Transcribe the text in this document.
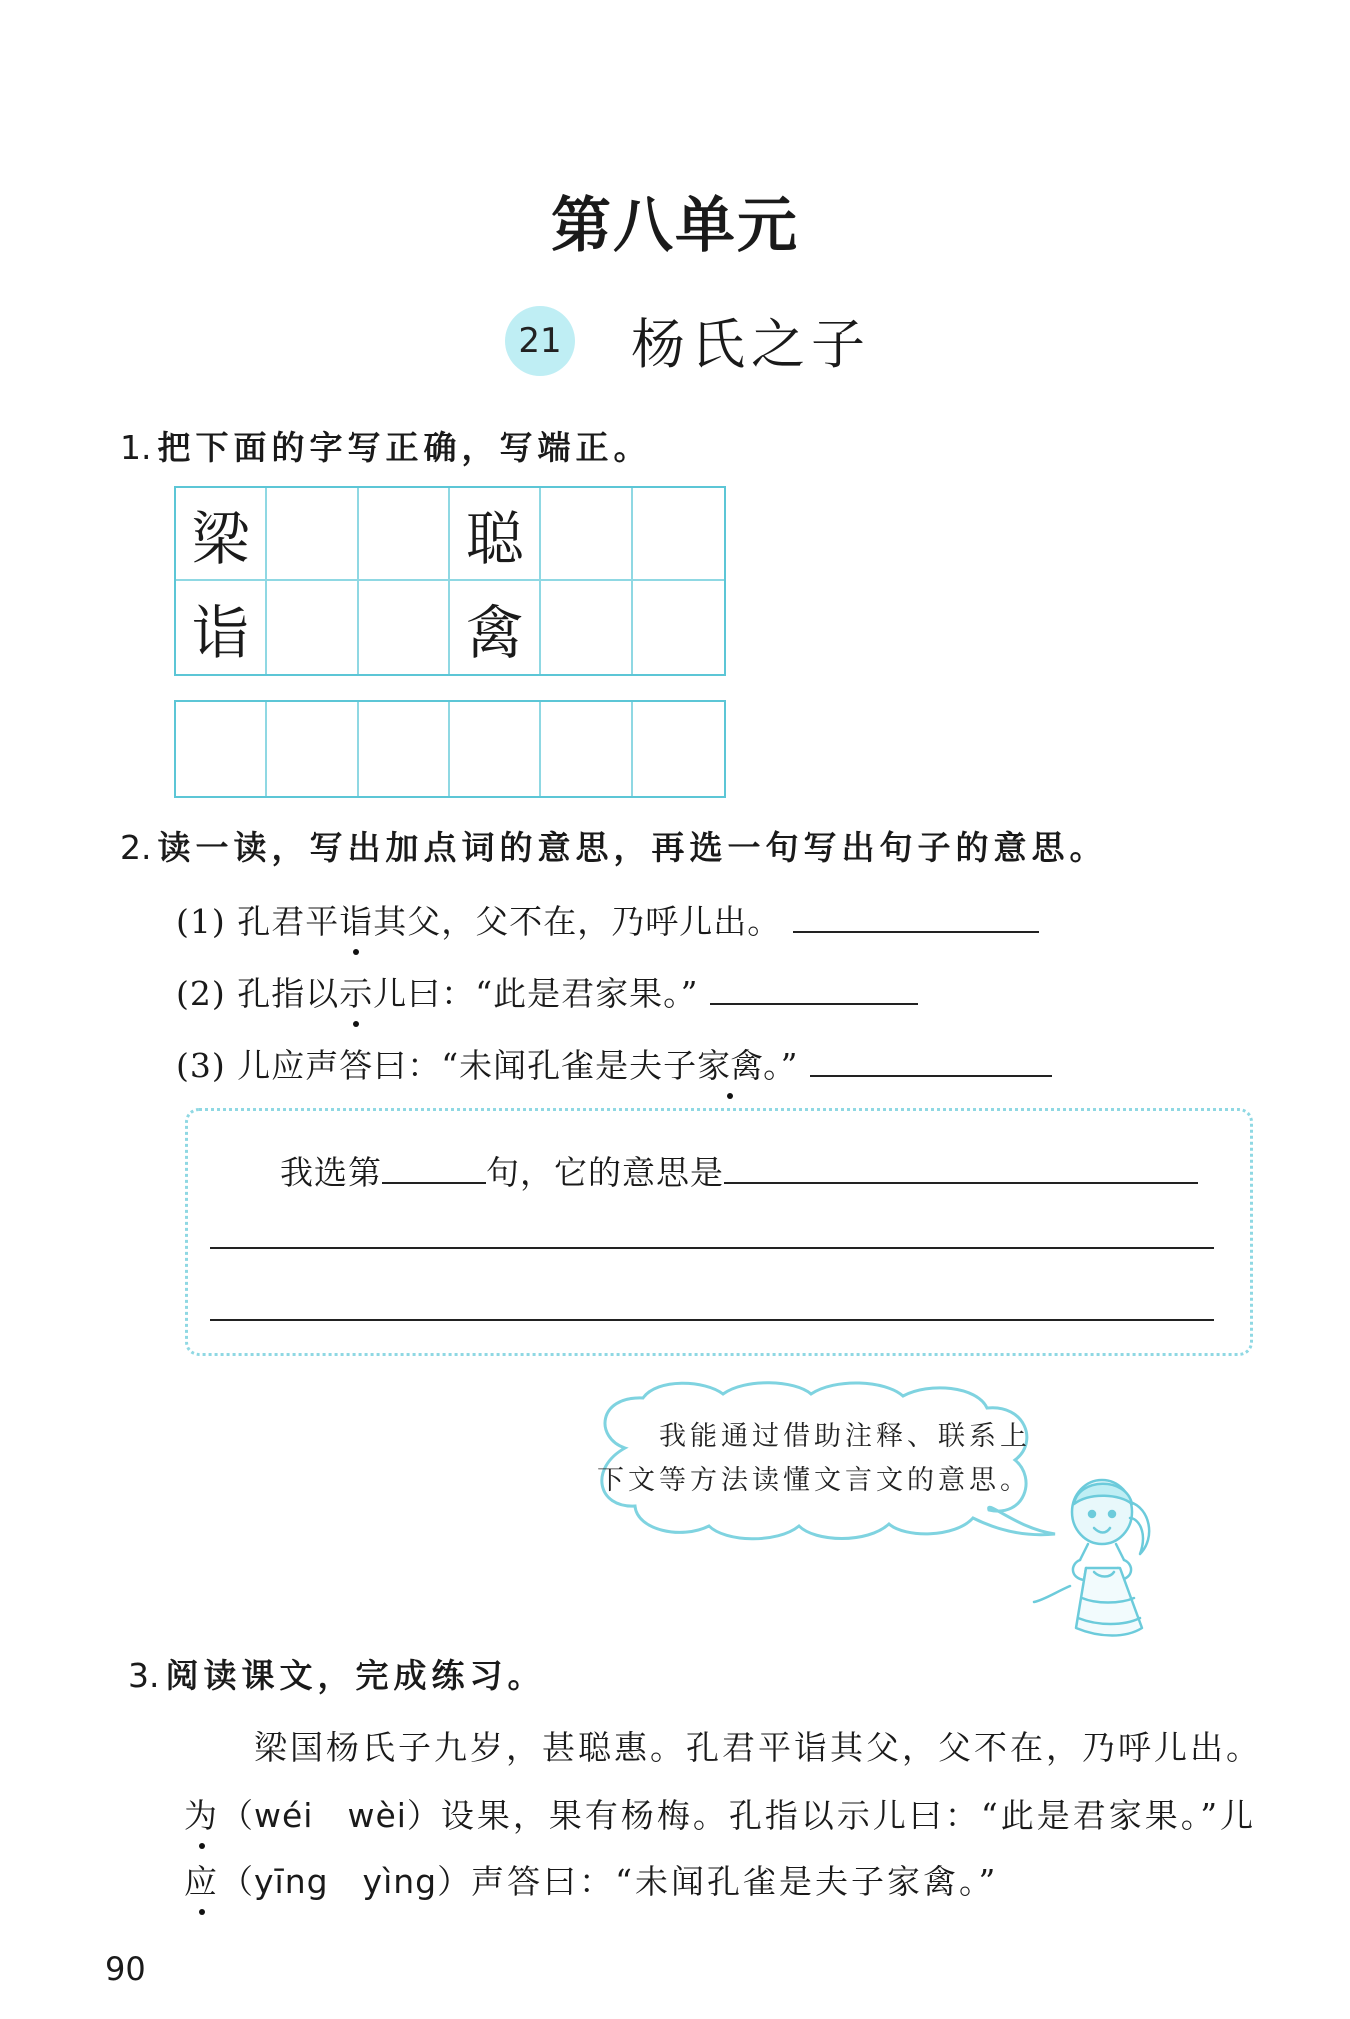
第八单元
21 杨氏之子
1. 把下面的字写正确，写端正。
梁	聪
诣	禽
2. 读一读，写出加点词的意思，再选一句写出句子的意思。
(1) 孔君平诣其父，父不在，乃呼儿出。
(2) 孔指以示儿曰：“此是君家果。”
(3) 儿应声答曰：“未闻孔雀是夫子家禽。”
我选第	句，它的意思是
我能通过借助注释、联系上
下文等方法读懂文言文的意思。
3. 阅读课文，完成练习。
梁国杨氏子九岁，甚聪惠。孔君平诣其父，父不在，乃呼儿出。
为（wéi　wèi）设果，果有杨梅。孔指以示儿曰：“此是君家果。”儿
应（yīng　yìng）声答曰：“未闻孔雀是夫子家禽。”
90
